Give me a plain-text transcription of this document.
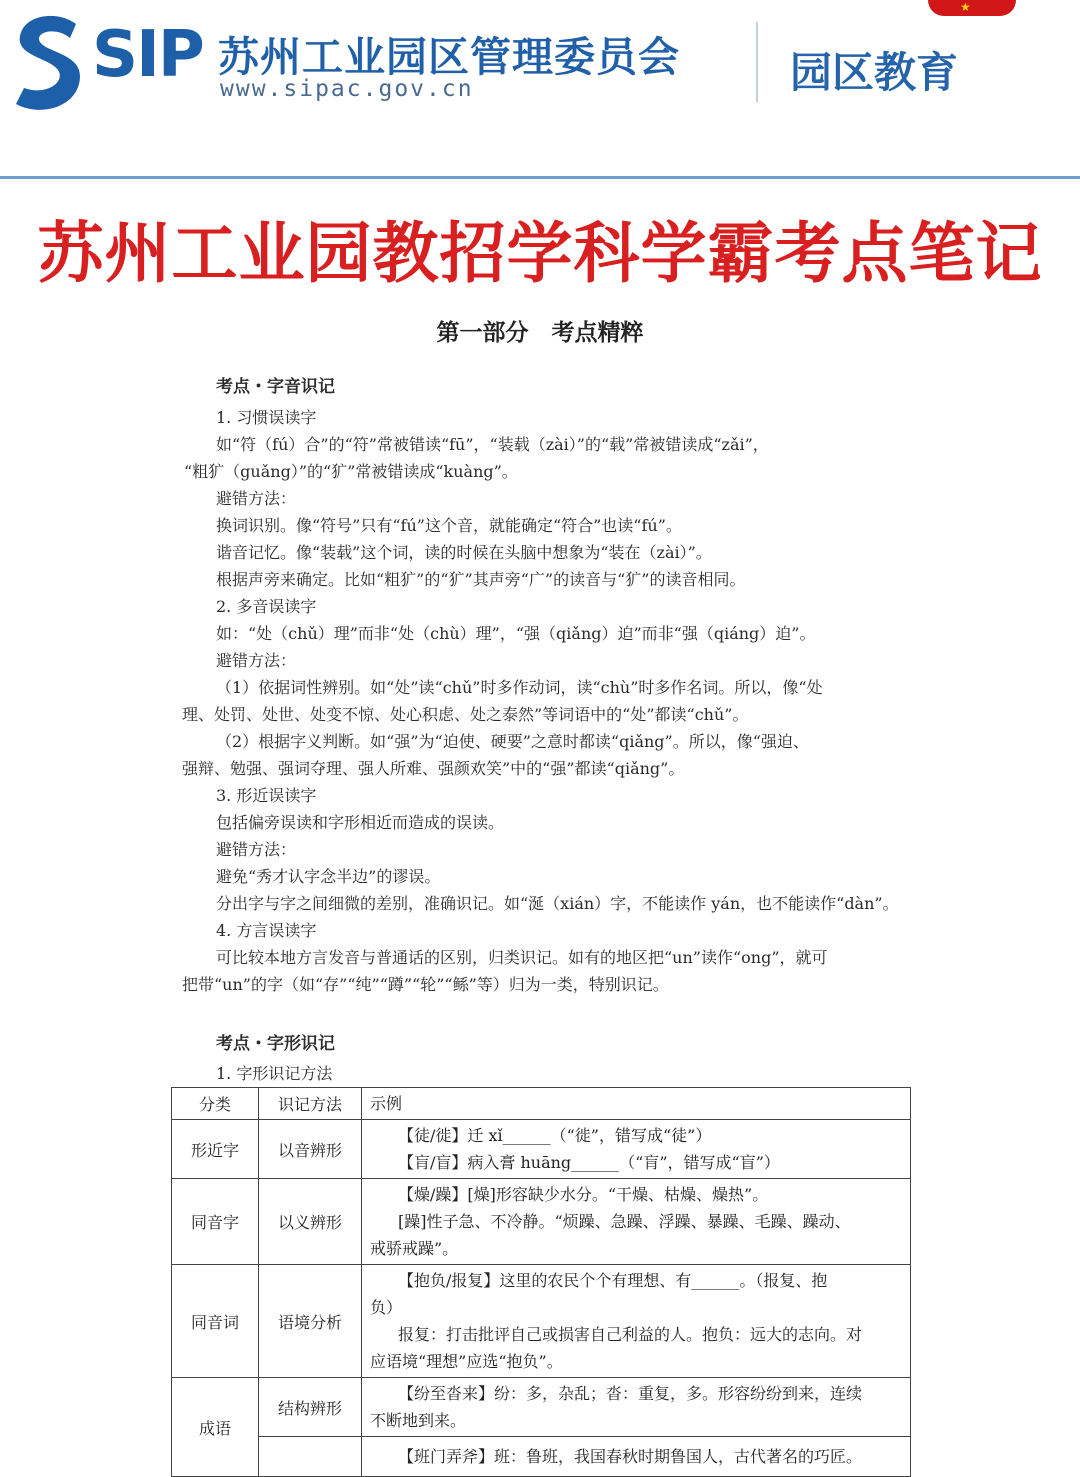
SIP 苏州工业园区管理委员会
www.sipac.gov.cn	园区教育
★
苏州工业园教招学科学霸考点笔记
第一部分　考点精粹
考点・字音识记
1. 习惯误读字
如“符（fú）合”的“符”常被错读“fū”，“装载（zài）”的“载”常被错读成“zǎi”，
“粗犷（guǎng）”的“犷”常被错读成“kuàng”。
避错方法：
换词识别。像“符号”只有“fú”这个音，就能确定“符合”也读“fú”。
谐音记忆。像“装载”这个词，读的时候在头脑中想象为“装在（zài）”。
根据声旁来确定。比如“粗犷”的“犷”其声旁“广”的读音与“犷”的读音相同。
2. 多音误读字
如：“处（chǔ）理”而非“处（chù）理”，“强（qiǎng）迫”而非“强（qiáng）迫”。
避错方法：
（1）依据词性辨别。如“处”读“chǔ”时多作动词，读“chù”时多作名词。所以，像“处
理、处罚、处世、处变不惊、处心积虑、处之泰然”等词语中的“处”都读“chǔ”。
（2）根据字义判断。如“强”为“迫使、硬要”之意时都读“qiǎng”。所以，像“强迫、
强辩、勉强、强词夺理、强人所难、强颜欢笑”中的“强”都读“qiǎng”。
3. 形近误读字
包括偏旁误读和字形相近而造成的误读。
避错方法：
避免“秀才认字念半边”的谬误。
分出字与字之间细微的差别，准确识记。如“涎（xián）字，不能读作 yán，也不能读作“dàn”。
4. 方言误读字
可比较本地方言发音与普通话的区别，归类识记。如有的地区把“un”读作“ong”，就可
把带“un”的字（如“存”“纯”“蹲”“轮”“鲧”等）归为一类，特别识记。
考点・字形识记
1. 字形识记方法
分类	识记方法	示例
形近字	以音辨形	【徒/徙】迁 xǐ______（“徙”，错写成“徒”）
【肓/盲】病入膏 huāng______（“肓”，错写成“盲”）

同音字	以义辨形	【燥/躁】[燥]形容缺少水分。“干燥、枯燥、燥热”。
[躁]性子急、不冷静。“烦躁、急躁、浮躁、暴躁、毛躁、躁动、
戒骄戒躁”。

同音词	语境分析	【抱负/报复】这里的农民个个有理想、有______。（报复、抱
负）
报复：打击批评自己或损害自己利益的人。抱负：远大的志向。对
应语境“理想”应选“抱负”。

成语	结构辨形	【纷至沓来】纷：多，杂乱；沓：重复，多。形容纷纷到来，连续
不断地到来。

		【班门弄斧】班：鲁班，我国春秋时期鲁国人，古代著名的巧匠。
